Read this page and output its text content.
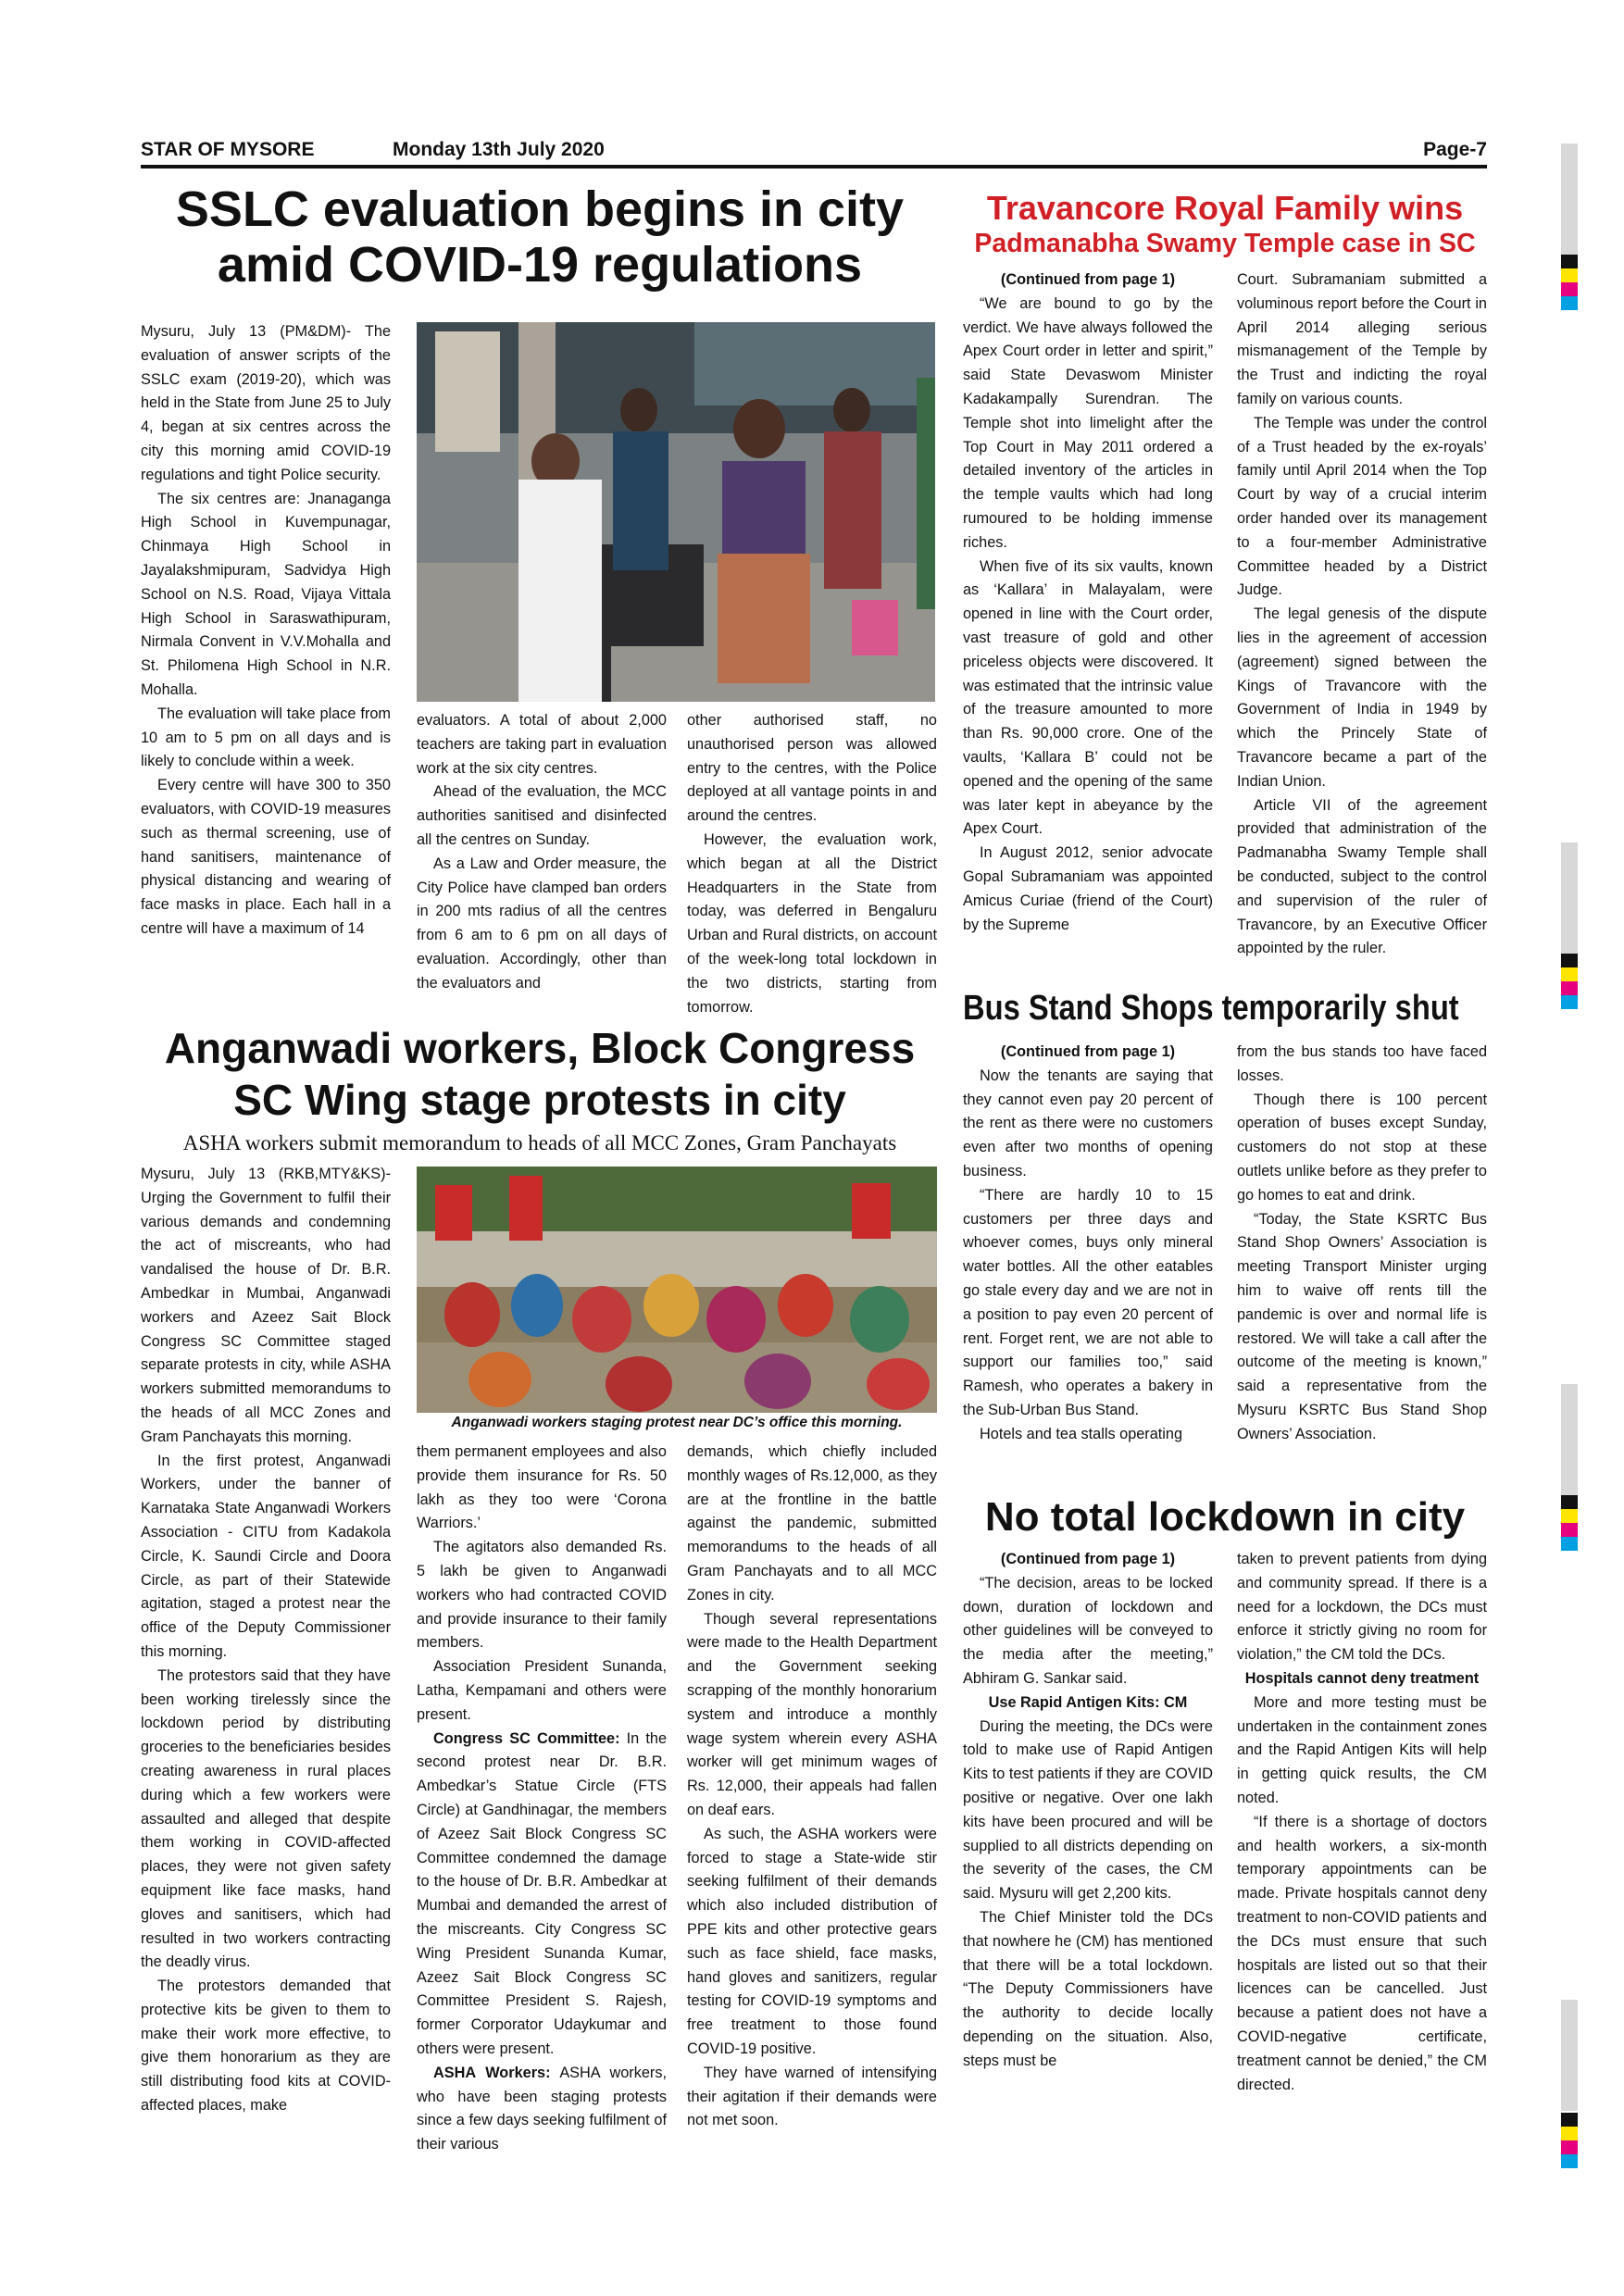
STAR OF MYSORE	Monday 13th July 2020	Page-7
SSLC evaluation begins in city
amid COVID-19 regulations

Mysuru, July 13 (PM&DM)- The evaluation of answer scripts of the SSLC exam (2019-20), which was held in the State from June 25 to July 4, began at six centres across the city this morning amid COVID-19 regulations and tight Police security.

The six centres are: Jnanaganga High School in Kuvempunagar, Chinmaya High School in Jayalakshmipuram, Sadvidya High School on N.S. Road, Vijaya Vittala High School in Saraswathipuram, Nirmala Convent in V.V.Mohalla and St. Philomena High School in N.R. Mohalla.

The evaluation will take place from 10 am to 5 pm on all days and is likely to conclude within a week.

Every centre will have 300 to 350 evaluators, with COVID-19 measures such as thermal screening, use of hand sanitisers, maintenance of physical distancing and wearing of face masks in place. Each hall in a centre will have a maximum of 14

evaluators. A total of about 2,000 teachers are taking part in evaluation work at the six city centres.

Ahead of the evaluation, the MCC authorities sanitised and disinfected all the centres on Sunday.

As a Law and Order measure, the City Police have clamped ban orders in 200 mts radius of all the centres from 6 am to 6 pm on all days of evaluation. Accordingly, other than the evaluators and

other authorised staff, no unauthorised person was allowed entry to the centres, with the Police deployed at all vantage points in and around the centres.

However, the evaluation work, which began at all the District Headquarters in the State from today, was deferred in Bengaluru Urban and Rural districts, on account of the week-long total lockdown in the two districts, starting from tomorrow.

Travancore Royal Family wins
Padmanabha Swamy Temple case in SC

(Continued from page 1)

“We are bound to go by the verdict. We have always followed the Apex Court order in letter and spirit,” said State Devaswom Minister Kadakampally Surendran. The Temple shot into limelight after the Top Court in May 2011 ordered a detailed inventory of the articles in the temple vaults which had long rumoured to be holding immense riches.

When five of its six vaults, known as ‘Kallara’ in Malayalam, were opened in line with the Court order, vast treasure of gold and other priceless objects were discovered. It was estimated that the intrinsic value of the treasure amounted to more than Rs. 90,000 crore. One of the vaults, ‘Kallara B’ could not be opened and the opening of the same was later kept in abeyance by the Apex Court.

In August 2012, senior advocate Gopal Subramaniam was appointed Amicus Curiae (friend of the Court) by the Supreme

Court. Subramaniam submitted a voluminous report before the Court in April 2014 alleging serious mismanagement of the Temple by the Trust and indicting the royal family on various counts.

The Temple was under the control of a Trust headed by the ex-royals’ family until April 2014 when the Top Court by way of a crucial interim order handed over its management to a four-member Administrative Committee headed by a District Judge.

The legal genesis of the dispute lies in the agreement of accession (agreement) signed between the Kings of Travancore with the Government of India in 1949 by which the Princely State of Travancore became a part of the Indian Union.

Article VII of the agreement provided that administration of the Padmanabha Swamy Temple shall be conducted, subject to the control and supervision of the ruler of Travancore, by an Executive Officer appointed by the ruler.

Bus Stand Shops temporarily shut

(Continued from page 1)

Now the tenants are saying that they cannot even pay 20 percent of the rent as there were no customers even after two months of opening business.

“There are hardly 10 to 15 customers per three days and whoever comes, buys only mineral water bottles. All the other eatables go stale every day and we are not in a position to pay even 20 percent of rent. Forget rent, we are not able to support our families too,” said Ramesh, who operates a bakery in the Sub-Urban Bus Stand.

Hotels and tea stalls operating

from the bus stands too have faced losses.

Though there is 100 percent operation of buses except Sunday, customers do not stop at these outlets unlike before as they prefer to go homes to eat and drink.

“Today, the State KSRTC Bus Stand Shop Owners’ Association is meeting Transport Minister urging him to waive off rents till the pandemic is over and normal life is restored. We will take a call after the outcome of the meeting is known,” said a representative from the Mysuru KSRTC Bus Stand Shop Owners’ Association.

Anganwadi workers, Block Congress
SC Wing stage protests in city
ASHA workers submit memorandum to heads of all MCC Zones, Gram Panchayats

Mysuru, July 13 (RKB,MTY&KS)- Urging the Government to fulfil their various demands and condemning the act of miscreants, who had vandalised the house of Dr. B.R. Ambedkar in Mumbai, Anganwadi workers and Azeez Sait Block Congress SC Committee staged separate protests in city, while ASHA workers submitted memorandums to the heads of all MCC Zones and Gram Panchayats this morning.

In the first protest, Anganwadi Workers, under the banner of Karnataka State Anganwadi Workers Association - CITU from Kadakola Circle, K. Saundi Circle and Doora Circle, as part of their Statewide agitation, staged a protest near the office of the Deputy Commissioner this morning.

The protestors said that they have been working tirelessly since the lockdown period by distributing groceries to the beneficiaries besides creating awareness in rural places during which a few workers were assaulted and alleged that despite them working in COVID-affected places, they were not given safety equipment like face masks, hand gloves and sanitisers, which had resulted in two workers contracting the deadly virus.

The protestors demanded that protective kits be given to them to make their work more effective, to give them honorarium as they are still distributing food kits at COVID-affected places, make

Anganwadi workers staging protest near DC’s office this morning.

them permanent employees and also provide them insurance for Rs. 50 lakh as they too were ‘Corona Warriors.’

The agitators also demanded Rs. 5 lakh be given to Anganwadi workers who had contracted COVID and provide insurance to their family members.

Association President Sunanda, Latha, Kempamani and others were present.

Congress SC Committee: In the second protest near Dr. B.R. Ambedkar’s Statue Circle (FTS Circle) at Gandhinagar, the members of Azeez Sait Block Congress SC Committee condemned the damage to the house of Dr. B.R. Ambedkar at Mumbai and demanded the arrest of the miscreants. City Congress SC Wing President Sunanda Kumar, Azeez Sait Block Congress SC Committee President S. Rajesh, former Corporator Udaykumar and others were present.

ASHA Workers: ASHA workers, who have been staging protests since a few days seeking fulfilment of their various

demands, which chiefly included monthly wages of Rs.12,000, as they are at the frontline in the battle against the pandemic, submitted memorandums to the heads of all Gram Panchayats and to all MCC Zones in city.

Though several representations were made to the Health Department and the Government seeking scrapping of the monthly honorarium system and introduce a monthly wage system wherein every ASHA worker will get minimum wages of Rs. 12,000, their appeals had fallen on deaf ears.

As such, the ASHA workers were forced to stage a State-wide stir seeking fulfilment of their demands which also included distribution of PPE kits and other protective gears such as face shield, face masks, hand gloves and sanitizers, regular testing for COVID-19 symptoms and free treatment to those found COVID-19 positive.

They have warned of intensifying their agitation if their demands were not met soon.

No total lockdown in city

(Continued from page 1)

“The decision, areas to be locked down, duration of lockdown and other guidelines will be conveyed to the media after the meeting,” Abhiram G. Sankar said.

Use Rapid Antigen Kits: CM

During the meeting, the DCs were told to make use of Rapid Antigen Kits to test patients if they are COVID positive or negative. Over one lakh kits have been procured and will be supplied to all districts depending on the severity of the cases, the CM said. Mysuru will get 2,200 kits.

The Chief Minister told the DCs that nowhere he (CM) has mentioned that there will be a total lockdown. “The Deputy Commissioners have the authority to decide locally depending on the situation. Also, steps must be

taken to prevent patients from dying and community spread. If there is a need for a lockdown, the DCs must enforce it strictly giving no room for violation,” the CM told the DCs.

Hospitals cannot deny treatment

More and more testing must be undertaken in the containment zones and the Rapid Antigen Kits will help in getting quick results, the CM noted.

“If there is a shortage of doctors and health workers, a six-month temporary appointments can be made. Private hospitals cannot deny treatment to non-COVID patients and the DCs must ensure that such hospitals are listed out so that their licences can be cancelled. Just because a patient does not have a COVID-negative certificate, treatment cannot be denied,” the CM directed.
